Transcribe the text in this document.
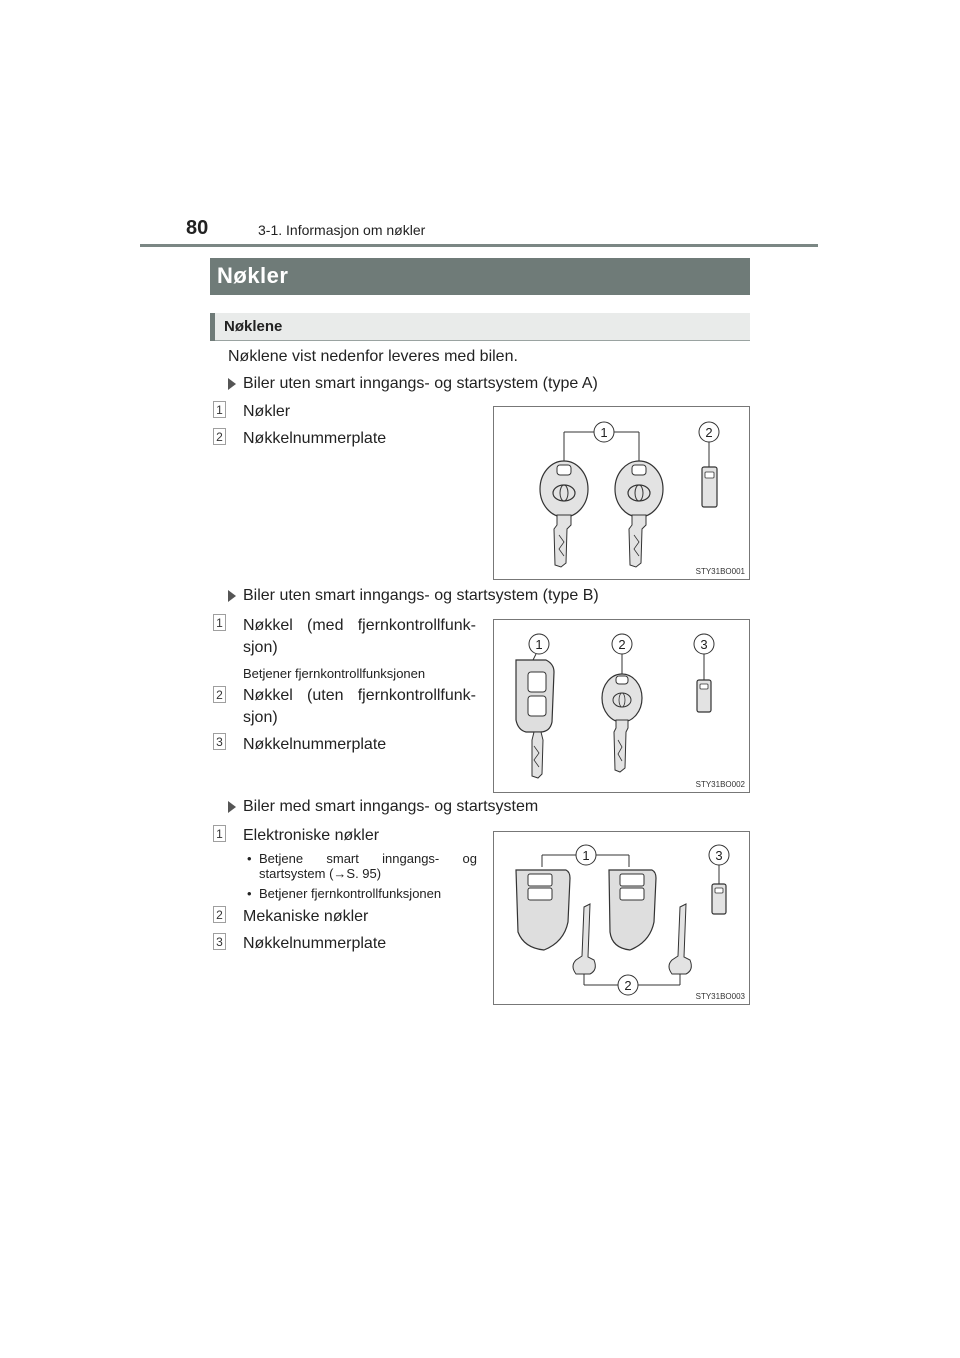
80	3-1. Informasjon om nøkler
Nøkler
Nøklene
Nøklene vist nedenfor leveres med bilen.
Biler uten smart inngangs- og startsystem (type A)
1 Nøkler
2 Nøkkelnummerplate	1	2
STY31BO001
Biler uten smart inngangs- og startsystem (type B)
1 Nøkkel (med fjernkontrollfunk-
sjon)
Betjener fjernkontrollfunksjonen
2 Nøkkel (uten fjernkontrollfunk-
sjon)
3 Nøkkelnummerplate
1	2	3
STY31BO002
Biler med smart inngangs- og startsystem
1 Elektroniske nøkler
• Betjene smart inngangs- og
startsystem (→S. 95)
• Betjener fjernkontrollfunksjonen
2 Mekaniske nøkler
3 Nøkkelnummerplate
1	3
2
STY31BO003
